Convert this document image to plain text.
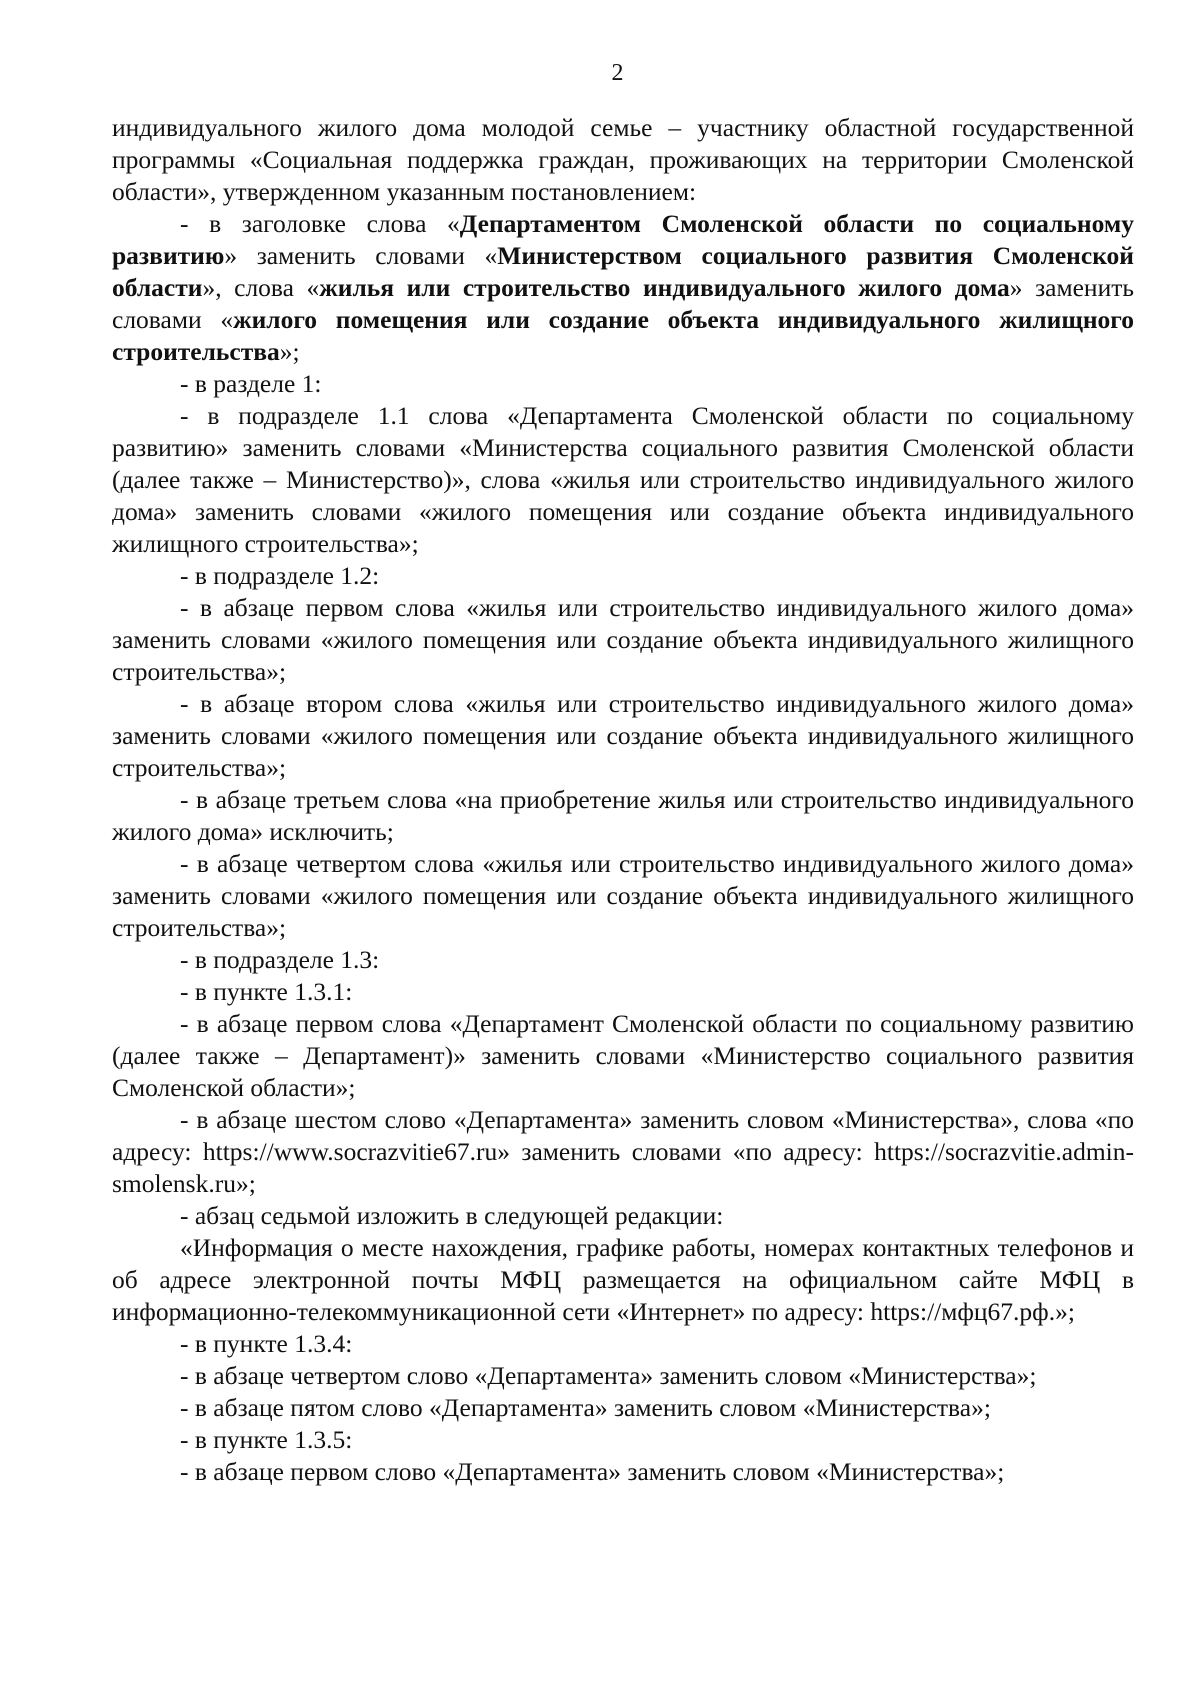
2

индивидуального жилого дома молодой семье – участнику областной государственной программы «Социальная поддержка граждан, проживающих на территории Смоленской области», утвержденном указанным постановлением:

- в заголовке слова «Департаментом Смоленской области по социальному развитию» заменить словами «Министерством социального развития Смоленской области», слова «жилья или строительство индивидуального жилого дома» заменить словами «жилого помещения или создание объекта индивидуального жилищного строительства»;

- в разделе 1:

- в подразделе 1.1 слова «Департамента Смоленской области по социальному развитию» заменить словами «Министерства социального развития Смоленской области (далее также – Министерство)», слова «жилья или строительство индивидуального жилого дома» заменить словами «жилого помещения или создание объекта индивидуального жилищного строительства»;

- в подразделе 1.2:

- в абзаце первом слова «жилья или строительство индивидуального жилого дома» заменить словами «жилого помещения или создание объекта индивидуального жилищного строительства»;

- в абзаце втором слова «жилья или строительство индивидуального жилого дома» заменить словами «жилого помещения или создание объекта индивидуального жилищного строительства»;

- в абзаце третьем слова «на приобретение жилья или строительство индивидуального жилого дома» исключить;

- в абзаце четвертом слова «жилья или строительство индивидуального жилого дома» заменить словами «жилого помещения или создание объекта индивидуального жилищного строительства»;

- в подразделе 1.3:

- в пункте 1.3.1:

- в абзаце первом слова «Департамент Смоленской области по социальному развитию (далее также – Департамент)» заменить словами «Министерство социального развития Смоленской области»;

- в абзаце шестом слово «Департамента» заменить словом «Министерства», слова «по адресу: https://www.socrazvitie67.ru» заменить словами «по адресу: https://socrazvitie.admin-smolensk.ru»;

- абзац седьмой изложить в следующей редакции:

«Информация о месте нахождения, графике работы, номерах контактных телефонов и об адресе электронной почты МФЦ размещается на официальном сайте МФЦ в информационно-телекоммуникационной сети «Интернет» по адресу: https://мфц67.рф.»;

- в пункте 1.3.4:

- в абзаце четвертом слово «Департамента» заменить словом «Министерства»;

- в абзаце пятом слово «Департамента» заменить словом «Министерства»;

- в пункте 1.3.5:

- в абзаце первом слово «Департамента» заменить словом «Министерства»;
